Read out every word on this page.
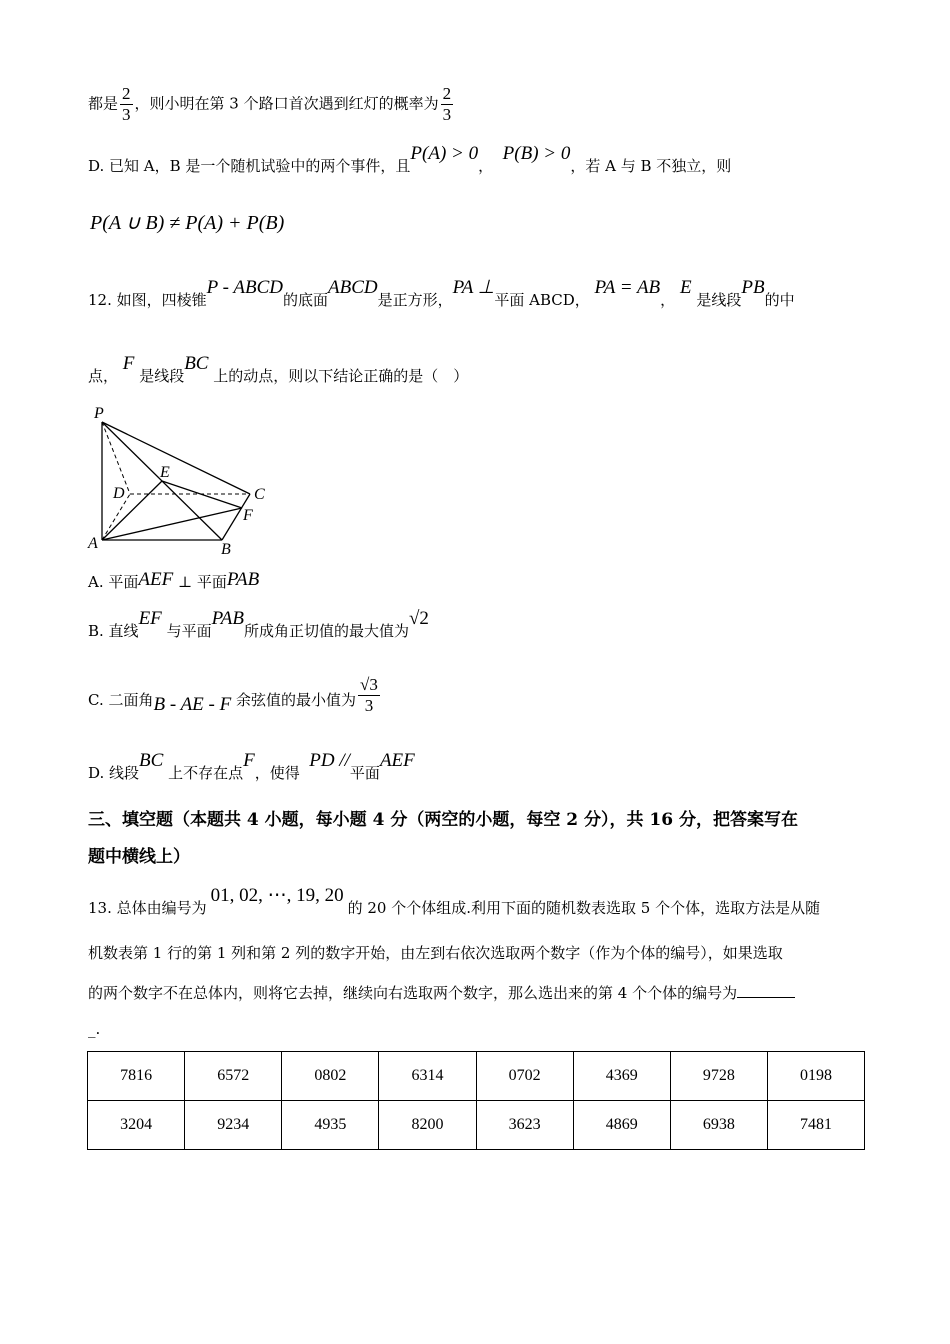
都是 $\frac{2}{3}$ ，则小明在第 3 个路口首次遇到红灯的概率为 $\frac{2}{3}$
D. 已知 A，B 是一个随机试验中的两个事件，且P(A) > 0，  P(B) > 0，若 A 与 B 不独立，则
P(A ∪ B) ≠ P(A) + P(B)
12. 如图，四棱锥P - ABCD的底面ABCD是正方形，PA ⊥平面 ABCD， PA = AB， E 是线段PB的中
点， F 是线段BC 上的动点，则以下结论正确的是（　）
P
E
D	C
F
A	B
A. 平面AEF ⊥ 平面PAB
B. 直线EF 与平面PAB所成角正切值的最大值为√2
C. 二面角B - AE - F 余弦值的最小值为 $\frac{√3}{3}$
D. 线段BC 上不存在点F，使得  PD //平面AEF
三、填空题（本题共 4 小题，每小题 4 分（两空的小题，每空 2 分），共 16 分，把答案写在
题中横线上）
13. 总体由编号为01, 02, ⋯, 19, 20的 20 个个体组成.利用下面的随机数表选取 5 个个体，选取方法是从随
机数表第 1 行的第 1 列和第 2 列的数字开始，由左到右依次选取两个数字（作为个体的编号），如果选取
的两个数字不在总体内，则将它去掉，继续向右选取两个数字，那么选出来的第 4 个个体的编号为
_.
7816	6572	0802	6314	0702	4369	9728	0198
3204	9234	4935	8200	3623	4869	6938	7481
